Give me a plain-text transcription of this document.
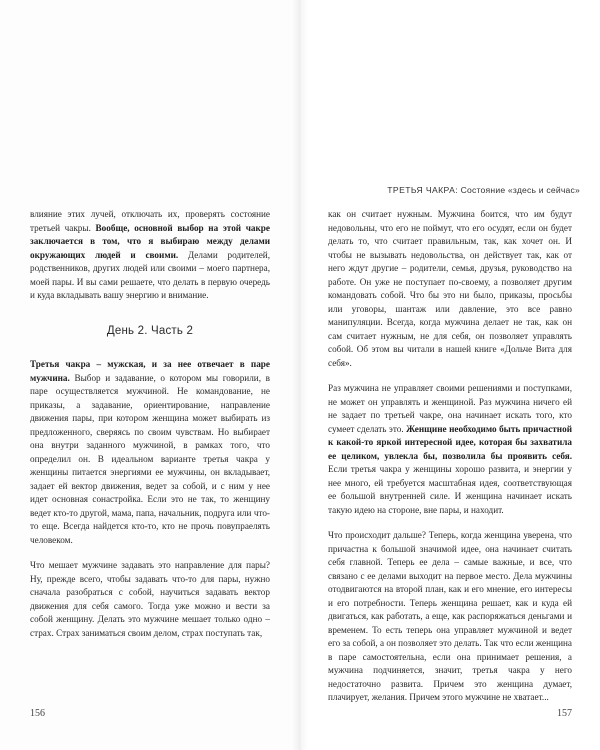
влияние этих лучей, отключать их, проверять состояние третьей чакры. Вообще, основной выбор на этой чакре заключается в том, что я выбираю между делами окружающих людей и своими. Делами родителей, родственников, других людей или своими – моего партнера, моей пары. И вы сами решаете, что делать в первую очередь и куда вкладывать вашу энергию и внимание.

День 2. Часть 2

Третья чакра – мужская, и за нее отвечает в паре мужчина. Выбор и задавание, о котором мы говорили, в паре осуществляется мужчиной. Не командование, не приказы, а задавание, ориентирование, направление движения пары, при котором женщина может выбирать из предложенного, сверяясь по своим чувствам. Но выбирает она внутри заданного мужчиной, в рамках того, что определил он. В идеальном варианте третья чакра у женщины питается энергиями ее мужчины, он вкладывает, задает ей вектор движения, ведет за собой, и с ним у нее идет основная сонастройка. Если это не так, то женщину ведет кто-то другой, мама, папа, начальник, подруга или что-то еще. Всегда найдется кто-то, кто не прочь повупраелять человеком.

Что мешает мужчине задавать это направление для пары? Ну, прежде всего, чтобы задавать что-то для пары, нужно сначала разобраться с собой, научиться задавать вектор движения для себя самого. Тогда уже можно и вести за собой женщину. Делать это мужчине мешает только одно – страх. Страх заниматься своим делом, страх поступать так,

156
ТРЕТЬЯ ЧАКРА: Состояние «здесь и сейчас»

как он считает нужным. Мужчина боится, что им будут недовольны, что его не поймут, что его осудят, если он будет делать то, что считает правильным, так, как хочет он. И чтобы не вызывать недовольства, он действует так, как от него ждут другие – родители, семья, друзья, руководство на работе. Он уже не поступает по-своему, а позволяет другим командовать собой. Что бы это ни было, приказы, просьбы или уговоры, шантаж или давление, это все равно манипуляции. Всегда, когда мужчина делает не так, как он сам считает нужным, не для себя, он позволяет управлять собой. Об этом вы читали в нашей книге «Дольче Вита для себя».

Раз мужчина не управляет своими решениями и поступками, не может он управлять и женщиной. Раз мужчина ничего ей не задает по третьей чакре, она начинает искать того, кто сумеет сделать это. Женщине необходимо быть причастной к какой-то яркой интересной идее, которая бы захватила ее целиком, увлекла бы, позволила бы проявить себя. Если третья чакра у женщины хорошо развита, и энергии у нее много, ей требуется масштабная идея, соответствующая ее большой внутренней силе. И женщина начинает искать такую идею на стороне, вне пары, и находит.

Что происходит дальше? Теперь, когда женщина уверена, что причастна к большой значимой идее, она начинает считать себя главной. Теперь ее дела – самые важные, и все, что связано с ее делами выходит на первое место. Дела мужчины отодвигаются на второй план, как и его мнение, его интересы и его потребности. Теперь женщина решает, как и куда ей двигаться, как работать, а еще, как распоряжаться деньгами и временем. То есть теперь она управляет мужчиной и ведет его за собой, а он позволяет это делать. Так что если женщина в паре самостоятельна, если она принимает решения, а мужчина подчиняется, значит, третья чакра у него недостаточно развита. Причем это женщина думает, плачирует, желания. Причем этого мужчине не хватает...

157
